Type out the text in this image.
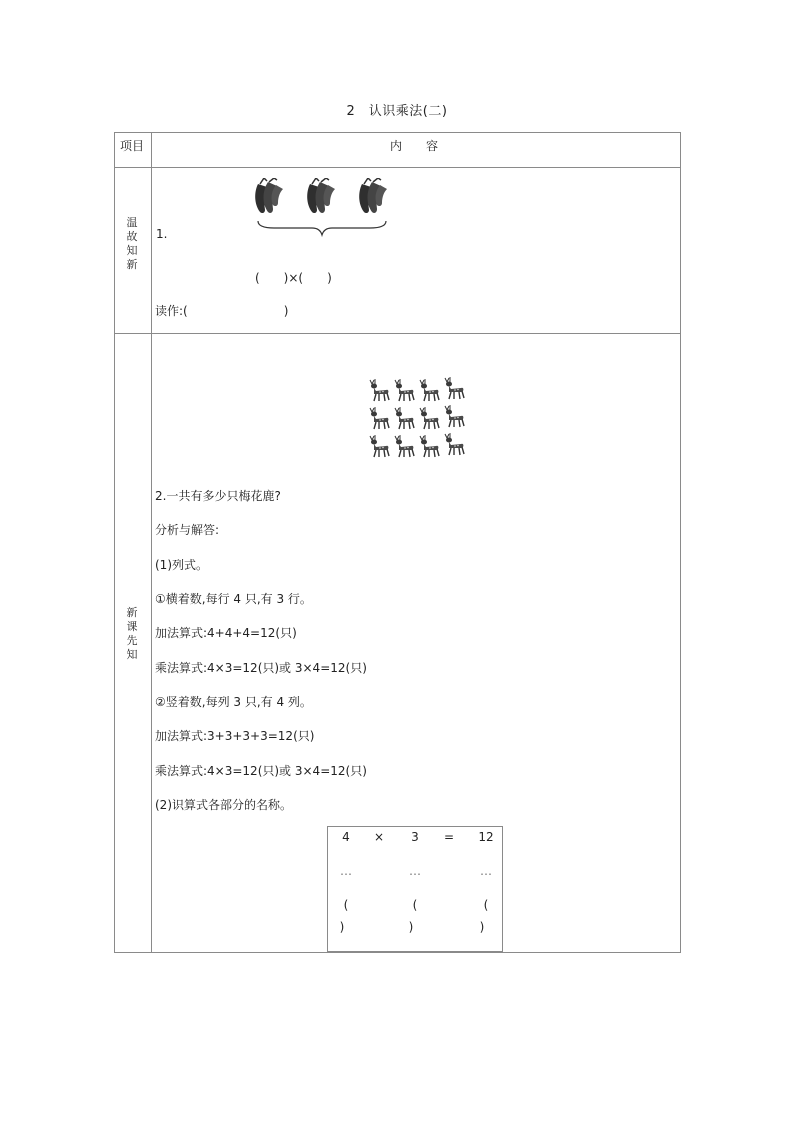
2　认识乘法(二)
项目	内　　容
温
故
知
新
1.
(　　)×(　　)
读作:(　　　　　　　　)
新
课
先
知
2.一共有多少只梅花鹿?
分析与解答:
(1)列式。
①横着数,每行 4 只,有 3 行。
加法算式:4+4+4=12(只)
乘法算式:4×3=12(只)或 3×4=12(只)
②竖着数,每列 3 只,有 4 列。
加法算式:3+3+3+3=12(只)
乘法算式:4×3=12(只)或 3×4=12(只)
(2)识算式各部分的名称。
4	×	3	=	12
…	…	…
(	(	(
)	)	)
